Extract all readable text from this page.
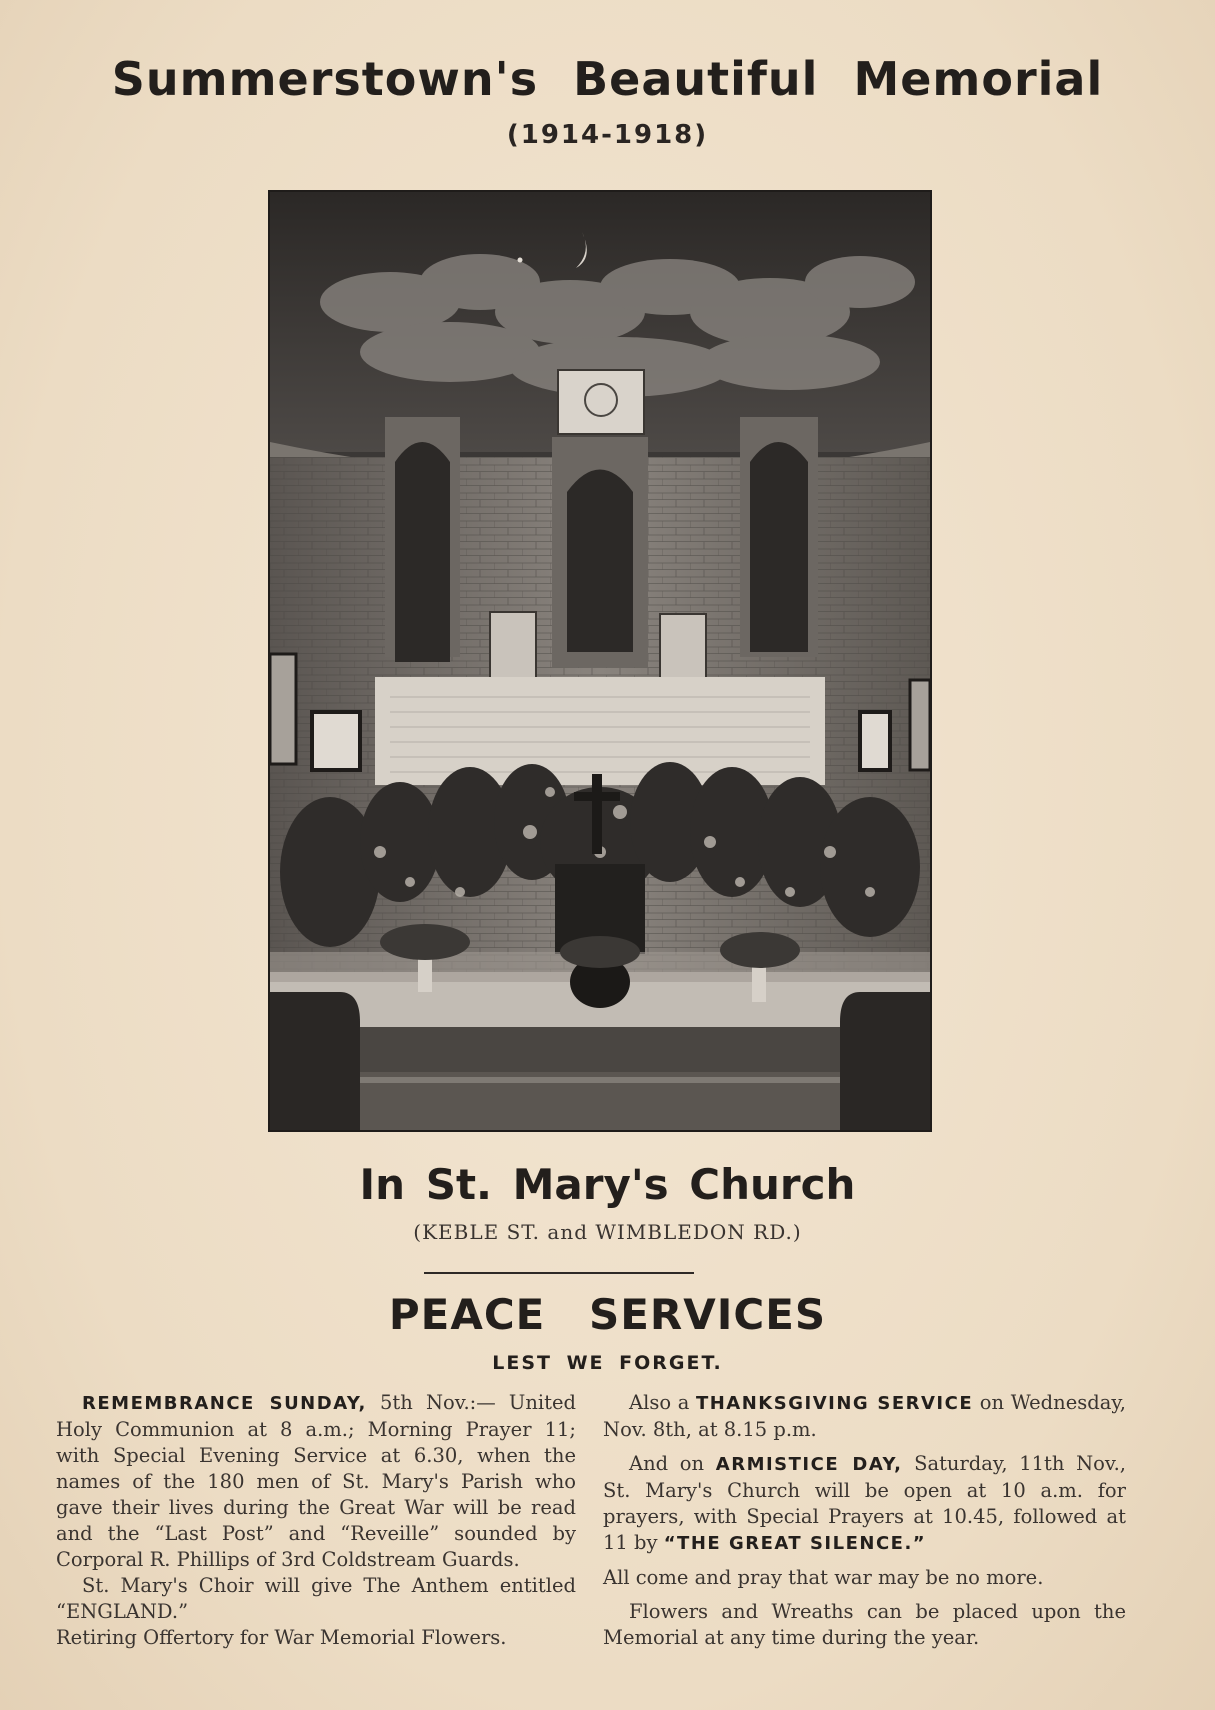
Summerstown's Beautiful Memorial
(1914-1918)
In St. Mary's Church
(KEBLE ST. and WIMBLEDON RD.)
PEACE SERVICES
LEST WE FORGET.

REMEMBRANCE SUNDAY, 5th Nov.:— United Holy Communion at 8 a.m.; Morning Prayer 11; with Special Evening Service at 6.30, when the names of the 180 men of St. Mary's Parish who gave their lives during the Great War will be read and the “Last Post” and “Reveille” sounded by Corporal R. Phillips of 3rd Coldstream Guards.

St. Mary's Choir will give The Anthem entitled “ENGLAND.”

Retiring Offertory for War Memorial Flowers.

Also a THANKSGIVING SERVICE on Wednesday, Nov. 8th, at 8.15 p.m.

And on ARMISTICE DAY, Saturday, 11th Nov., St. Mary's Church will be open at 10 a.m. for prayers, with Special Prayers at 10.45, followed at 11 by “THE GREAT SILENCE.”

All come and pray that war may be no more.

Flowers and Wreaths can be placed upon the Memorial at any time during the year.
